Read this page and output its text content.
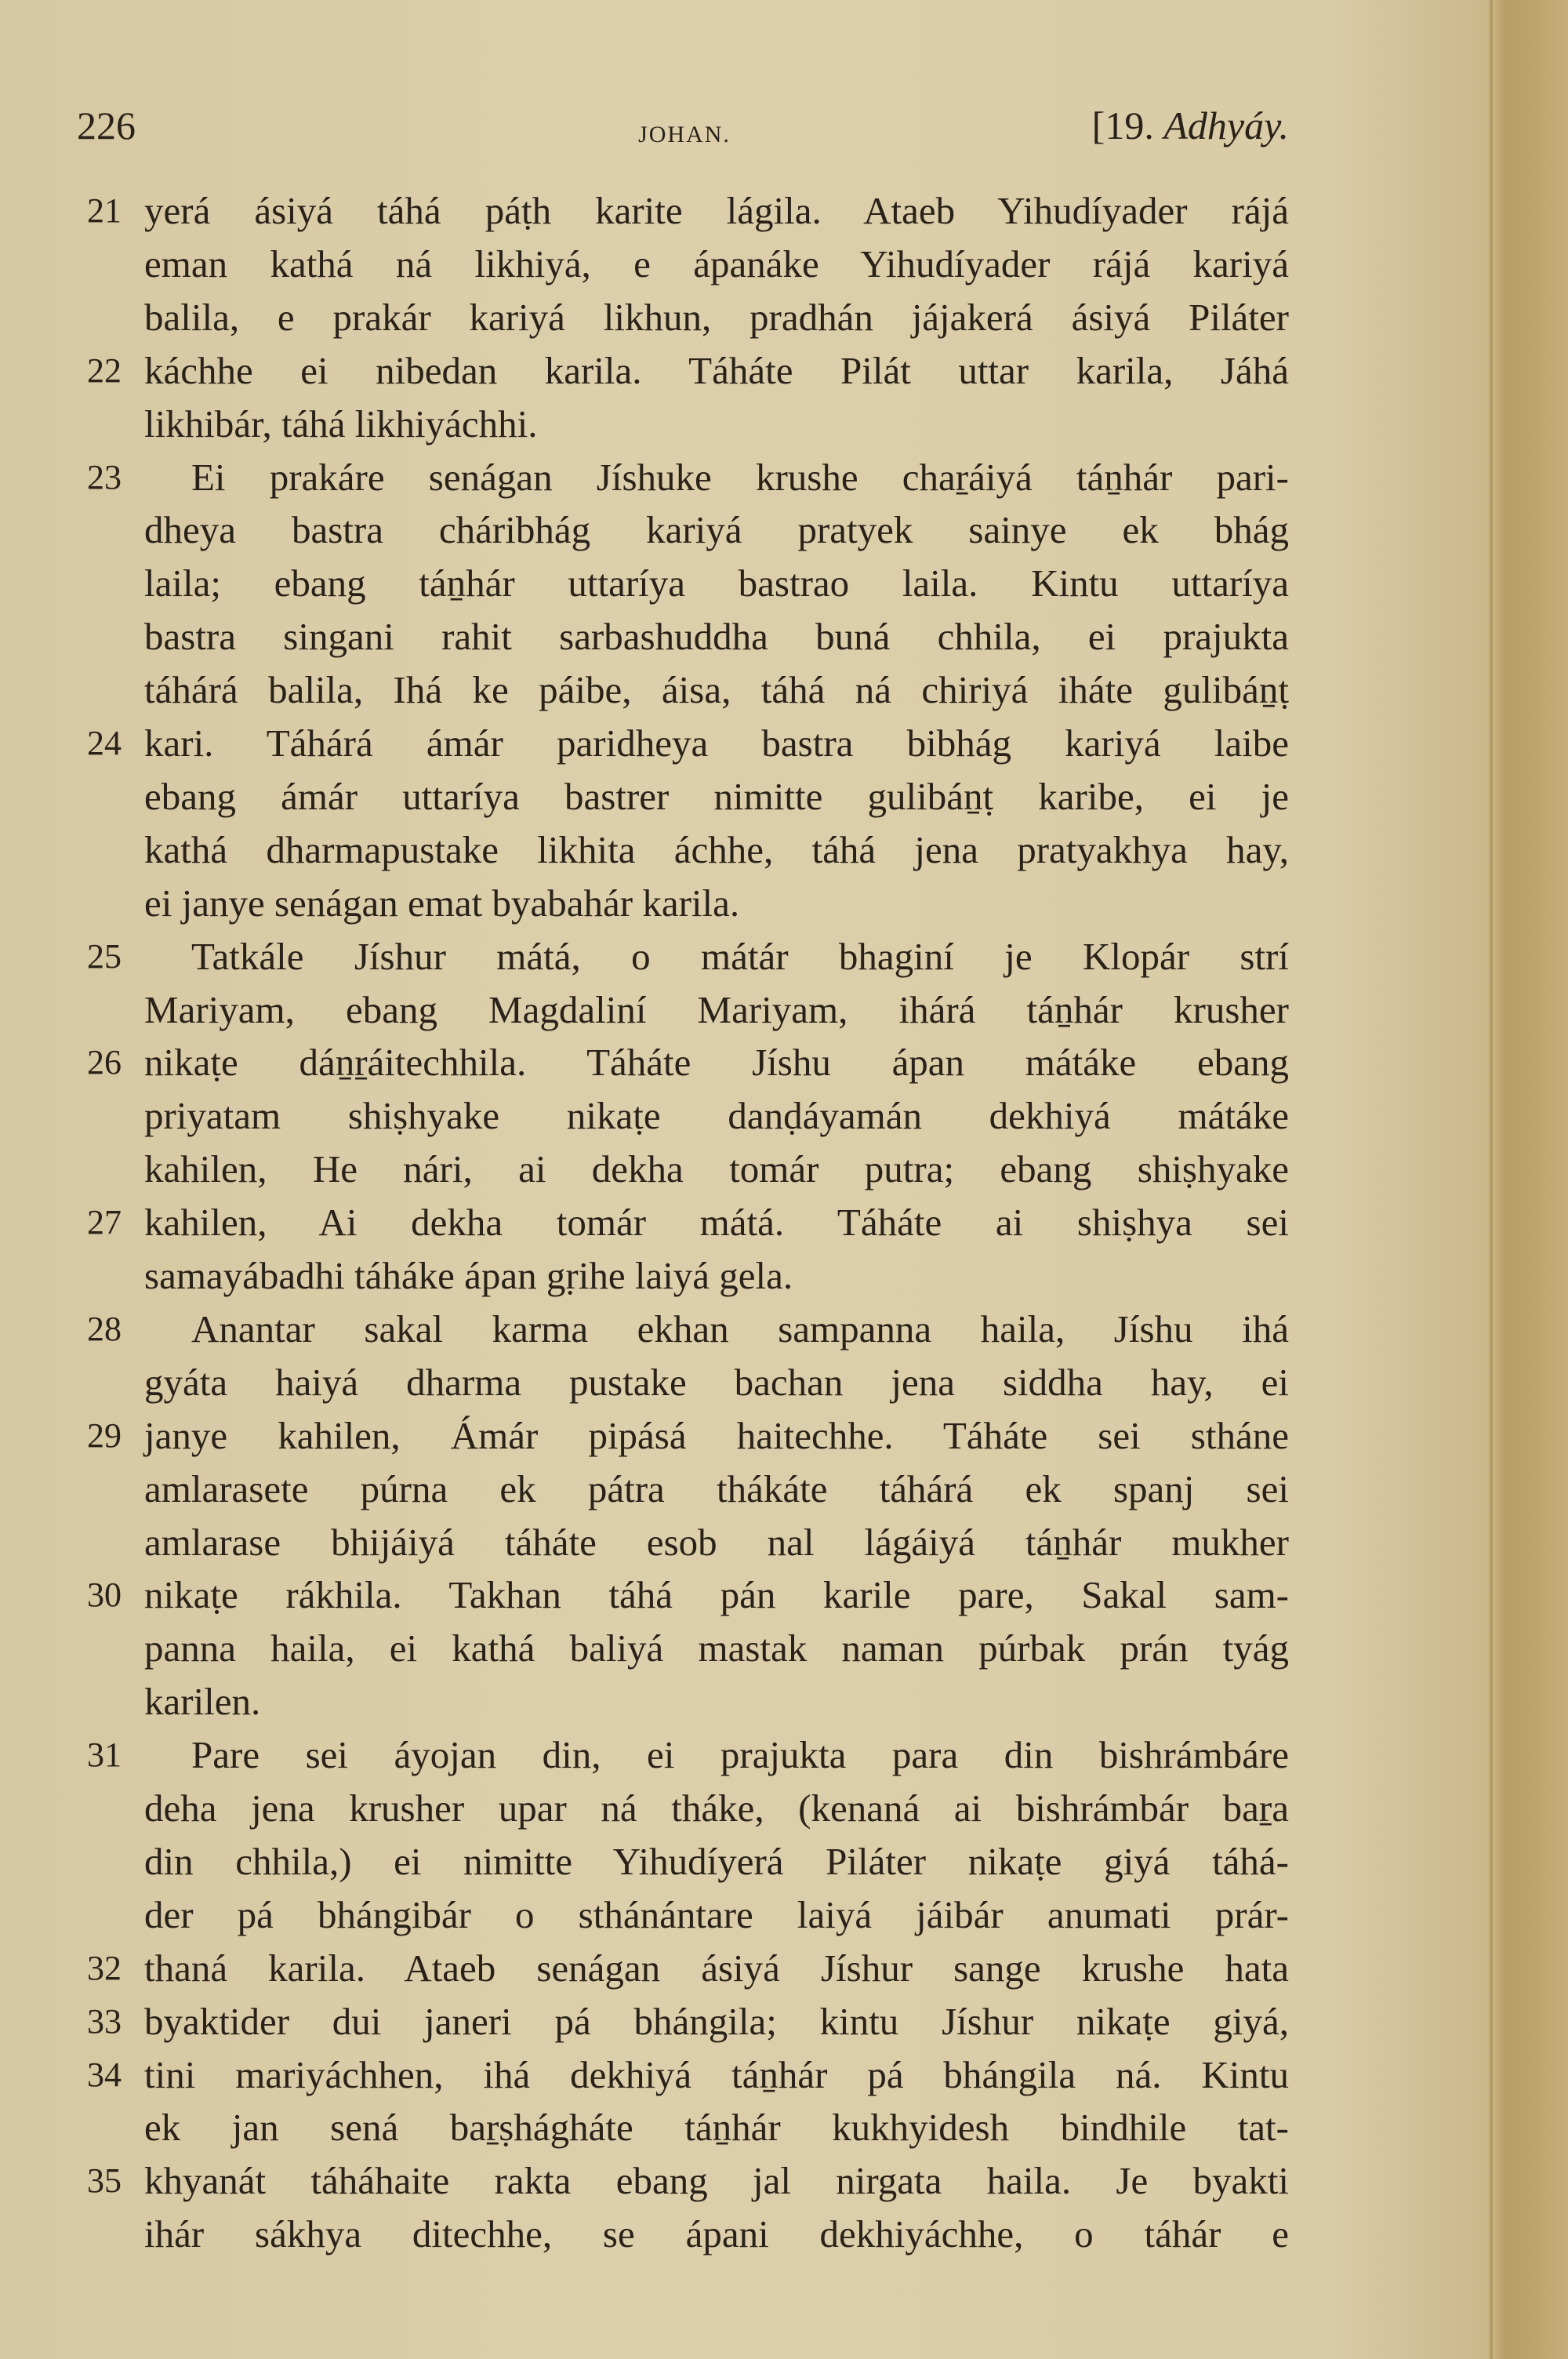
226	JOHAN.	[19. Adhyáy.
21 yerá ásiyá táhá páṭh karite lágila. Ataeb Yihudíyader rájá
eman kathá ná likhiyá, e ápanáke Yihudíyader rájá kariyá
balila, e prakár kariyá likhun, pradhán jájakerá ásiyá Piláter
22 káchhe ei nibedan karila. Táháte Pilát uttar karila, Jáhá
likhibár, táhá likhiyáchhi.
23	Ei prakáre senágan Jíshuke krushe chaṟáiyá táṉhár pari-
dheya bastra cháribhág kariyá pratyek sainye ek bhág
laila; ebang táṉhár uttaríya bastrao laila. Kintu uttaríya
bastra singani rahit sarbashuddha buná chhila, ei prajukta
táhárá balila, Ihá ke páibe, áisa, táhá ná chiriyá iháte gulibáṉṭ
24 kari. Táhárá ámár paridheya bastra bibhág kariyá laibe
ebang ámár uttaríya bastrer nimitte gulibáṉṭ karibe, ei je
kathá dharmapustake likhita áchhe, táhá jena pratyakhya hay,
ei janye senágan emat byabahár karila.
25	Tatkále Jíshur mátá, o mátár bhaginí je Klopár strí
Mariyam, ebang Magdaliní Mariyam, ihárá táṉhár krusher
26 nikaṭe dáṉṟáitechhila. Táháte Jíshu ápan mátáke ebang
priyatam shiṣhyake nikaṭe danḍáyamán dekhiyá mátáke
kahilen, He nári, ai dekha tomár putra; ebang shiṣhyake
27 kahilen, Ai dekha tomár mátá. Táháte ai shiṣhya sei
samayábadhi táháke ápan gṛihe laiyá gela.
28	Anantar sakal karma ekhan sampanna haila, Jíshu ihá
gyáta haiyá dharma pustake bachan jena siddha hay, ei
29 janye kahilen, Ámár pipásá haitechhe. Táháte sei stháne
amlarasete púrna ek pátra thákáte táhárá ek spanj sei
amlarase bhijáiyá táháte esob nal lágáiyá táṉhár mukher
30 nikaṭe rákhila. Takhan táhá pán karile pare, Sakal sam-
panna haila, ei kathá baliyá mastak naman púrbak prán tyág
karilen.
31	Pare sei áyojan din, ei prajukta para din bishrámbáre
deha jena krusher upar ná tháke, (kenaná ai bishrámbár baṟa
din chhila,) ei nimitte Yihudíyerá Piláter nikaṭe giyá táhá-
der pá bhángibár o sthánántare laiyá jáibár anumati prár-
32 thaná karila. Ataeb senágan ásiyá Jíshur sange krushe hata
33 byaktider dui janeri pá bhángila; kintu Jíshur nikaṭe giyá,
34 tini mariyáchhen, ihá dekhiyá táṉhár pá bhángila ná. Kintu
ek jan sená baṟṣhágháte táṉhár kukhyidesh bindhile tat-
35 khyanát táháhaite rakta ebang jal nirgata haila. Je byakti
ihár sákhya ditechhe, se ápani dekhiyáchhe, o táhár e
